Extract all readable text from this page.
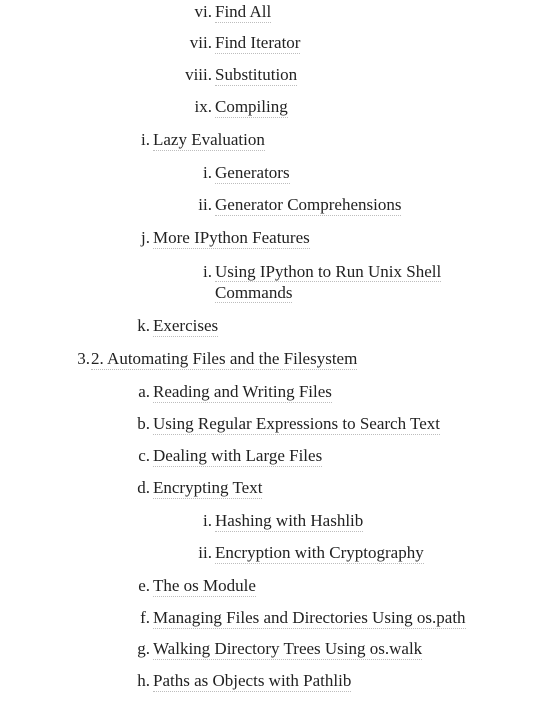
vi. Find All
vii. Find Iterator
viii. Substitution
ix. Compiling
i. Lazy Evaluation
i. Generators
ii. Generator Comprehensions
j. More IPython Features
i. Using IPython to Run Unix Shell
Commands
k. Exercises
3. 2. Automating Files and the Filesystem
a. Reading and Writing Files
b. Using Regular Expressions to Search Text
c. Dealing with Large Files
d. Encrypting Text
i. Hashing with Hashlib
ii. Encryption with Cryptography
e. The os Module
f. Managing Files and Directories Using os.path
g. Walking Directory Trees Using os.walk
h. Paths as Objects with Pathlib
